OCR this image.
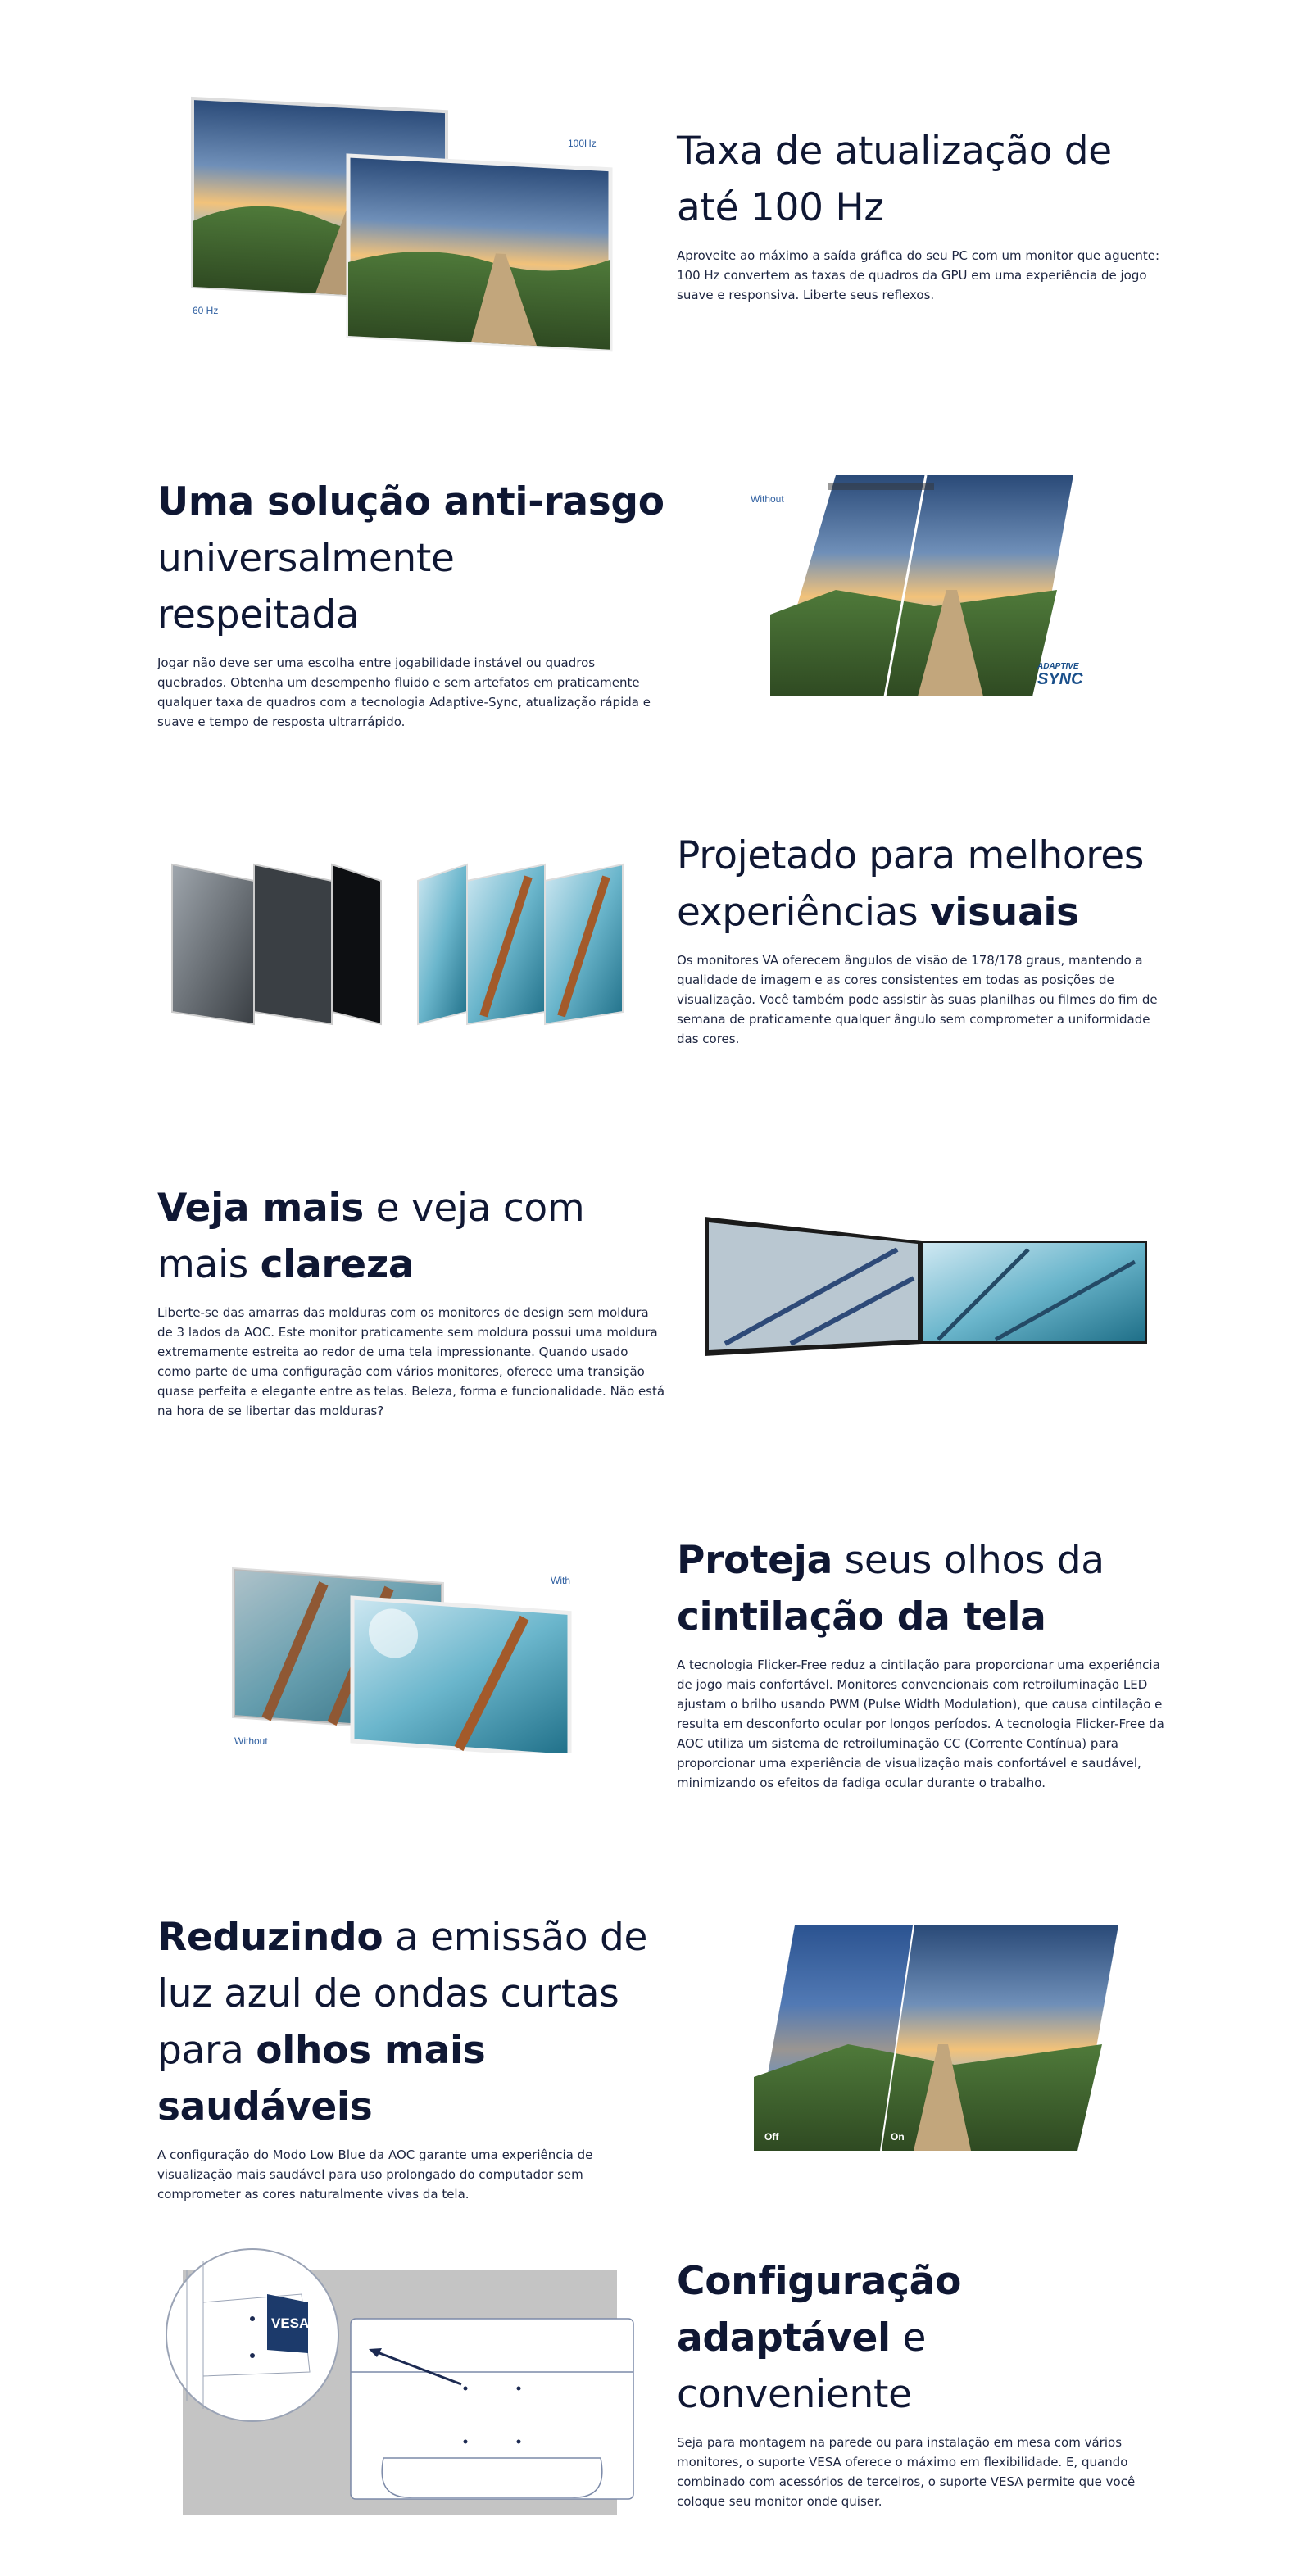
100Hz
60 Hz
Taxa de atualização de até 100 Hz

Aproveite ao máximo a saída gráfica do seu PC com um monitor que aguente: 100 Hz convertem as taxas de quadros da GPU em uma experiência de jogo suave e responsiva. Liberte seus reflexos.

Uma solução anti-rasgo
universalmente respeitada

Jogar não deve ser uma escolha entre jogabilidade instável ou quadros quebrados. Obtenha um desempenho fluido e sem artefatos em praticamente qualquer taxa de quadros com a tecnologia Adaptive-Sync, atualização rápida e suave e tempo de resposta ultrarrápido.

Without
ADAPTIVE
SYNC
Projetado para melhores experiências visuais

Os monitores VA oferecem ângulos de visão de 178/178 graus, mantendo a qualidade de imagem e as cores consistentes em todas as posições de visualização. Você também pode assistir às suas planilhas ou filmes do fim de semana de praticamente qualquer ângulo sem comprometer a uniformidade das cores.

Veja mais e veja com mais clareza

Liberte-se das amarras das molduras com os monitores de design sem moldura de 3 lados da AOC. Este monitor praticamente sem moldura possui uma moldura extremamente estreita ao redor de uma tela impressionante. Quando usado como parte de uma configuração com vários monitores, oferece uma transição quase perfeita e elegante entre as telas. Beleza, forma e funcionalidade. Não está na hora de se libertar das molduras?

With
Without
Proteja seus olhos da cintilação da tela

A tecnologia Flicker-Free reduz a cintilação para proporcionar uma experiência de jogo mais confortável. Monitores convencionais com retroiluminação LED ajustam o brilho usando PWM (Pulse Width Modulation), que causa cintilação e resulta em desconforto ocular por longos períodos. A tecnologia Flicker-Free da AOC utiliza um sistema de retroiluminação CC (Corrente Contínua) para proporcionar uma experiência de visualização mais confortável e saudável, minimizando os efeitos da fadiga ocular durante o trabalho.

Reduzindo a emissão de luz azul de ondas curtas para olhos mais saudáveis

A configuração do Modo Low Blue da AOC garante uma experiência de visualização mais saudável para uso prolongado do computador sem comprometer as cores naturalmente vivas da tela.

Off	On
VESA
Configuração adaptável e conveniente

Seja para montagem na parede ou para instalação em mesa com vários monitores, o suporte VESA oferece o máximo em flexibilidade. E, quando combinado com acessórios de terceiros, o suporte VESA permite que você coloque seu monitor onde quiser.
